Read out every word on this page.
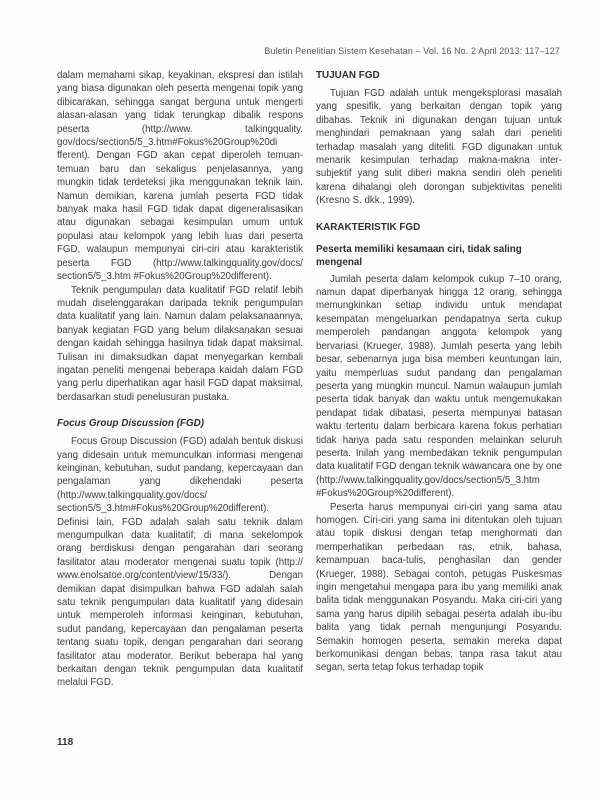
Buletin Penelitian Sistem Kesehatan – Vol. 16 No. 2 April 2013: 117–127

dalam memahami sikap, keyakinan, ekspresi dan istilah yang biasa digunakan oleh peserta mengenai topik yang dibicarakan, sehingga sangat berguna untuk mengerti alasan-alasan yang tidak terungkap dibalik respons peserta (http://www. talkingquality. gov/docs/section5/5_3.htm#Fokus%20Group%20di fferent). Dengan FGD akan cepat diperoleh temuan-temuan baru dan sekaligus penjelasannya, yang mungkin tidak terdeteksi jika menggunakan teknik lain. Namun demikian, karena jumlah peserta FGD tidak banyak maka hasil FGD tidak dapat digeneralisasikan atau digunakan sebagai kesimpulan umum untuk populasi atau kelompok yang lebih luas dari peserta FGD, walaupun mempunyai ciri-ciri atau karakteristik peserta FGD (http://www.talkingquality.gov/docs/ section5/5_3.htm #Fokus%20Group%20different).

Teknik pengumpulan data kualitatif FGD relatif lebih mudah diselenggarakan daripada teknik pengumpulan data kualitatif yang lain. Namun dalam pelaksanaannya, banyak kegiatan FGD yang belum dilaksanakan sesuai dengan kaidah sehingga hasilnya tidak dapat maksimal. Tulisan ini dimaksudkan dapat menyegarkan kembali ingatan peneliti mengenai beberapa kaidah dalam FGD yang perlu diperhatikan agar hasil FGD dapat maksimal, berdasarkan studi penelusuran pustaka.

Focus Group Discussion (FGD)

Focus Group Discussion (FGD) adalah bentuk diskusi yang didesain untuk memunculkan informasi mengenai keinginan, kebutuhan, sudut pandang, kepercayaan dan pengalaman yang dikehendaki peserta (http://www.talkingquality.gov/docs/ section5/5_3.htm#Fokus%20Group%20different). Definisi lain, FGD adalah salah satu teknik dalam mengumpulkan data kualitatif; di mana sekelompok orang berdiskusi dengan pengarahan dari seorang fasilitator atau moderator mengenai suatu topik (http:// www.enolsatoe.org/content/view/15/33/). Dengan demikian dapat disimpulkan bahwa FGD adalah salah satu teknik pengumpulan data kualitatif yang didesain untuk memperoleh informasi keinginan, kebutuhan, sudut pandang, kepercayaan dan pengalaman peserta tentang suatu topik, dengan pengarahan dari seorang fasilitator atau moderator. Berikut beberapa hal yang berkaitan dengan teknik pengumpulan data kualitatif melalui FGD.

TUJUAN FGD

Tujuan FGD adalah untuk mengeksplorasi masalah yang spesifik, yang berkaitan dengan topik yang dibahas. Teknik ini digunakan dengan tujuan untuk menghindari pemaknaan yang salah dari peneliti terhadap masalah yang diteliti. FGD digunakan untuk menarik kesimpulan terhadap makna-makna inter-subjektif yang sulit diberi makna sendiri oleh peneliti karena dihalangi oleh dorongan subjektivitas peneliti (Kresno S. dkk., 1999).

KARAKTERISTIK FGD
Peserta memiliki kesamaan ciri, tidak saling mengenal

Jumlah peserta dalam kelompok cukup 7–10 orang, namun dapat diperbanyak hingga 12 orang, sehingga memungkinkan setiap individu untuk mendapat kesempatan mengeluarkan pendapatnya serta cukup memperoleh pandangan anggota kelompok yang bervariasi (Krueger, 1988). Jumlah peserta yang lebih besar, sebenarnya juga bisa memberi keuntungan lain, yaitu memperluas sudut pandang dan pengalaman peserta yang mungkin muncul. Namun walaupun jumlah peserta tidak banyak dan waktu untuk mengemukakan pendapat tidak dibatasi, peserta mempunyai batasan waktu tertentu dalam berbicara karena fokus perhatian tidak hanya pada satu responden melainkan seluruh peserta. Inilah yang membedakan teknik pengumpulan data kualitatif FGD dengan teknik wawancara one by one (http://www.talkingquality.gov/docs/section5/5_3.htm #Fokus%20Group%20different).

Peserta harus mempunyai ciri-ciri yang sama atau homogen. Ciri-ciri yang sama ini ditentukan oleh tujuan atau topik diskusi dengan tetap menghormati dan memperhatikan perbedaan ras, etnik, bahasa, kemampuan baca-tulis, penghasilan dan gender (Krueger, 1988). Sebagai contoh, petugas Puskesmas ingin mengetahui mengapa para ibu yang memiliki anak balita tidak menggunakan Posyandu. Maka ciri-ciri yang sama yang harus dipilih sebagai peserta adalah ibu-ibu balita yang tidak pernah mengunjungi Posyandu. Semakin homogen peserta, semakin mereka dapat berkomunikasi dengan bebas, tanpa rasa takut atau segan, serta tetap fokus terhadap topik

118
